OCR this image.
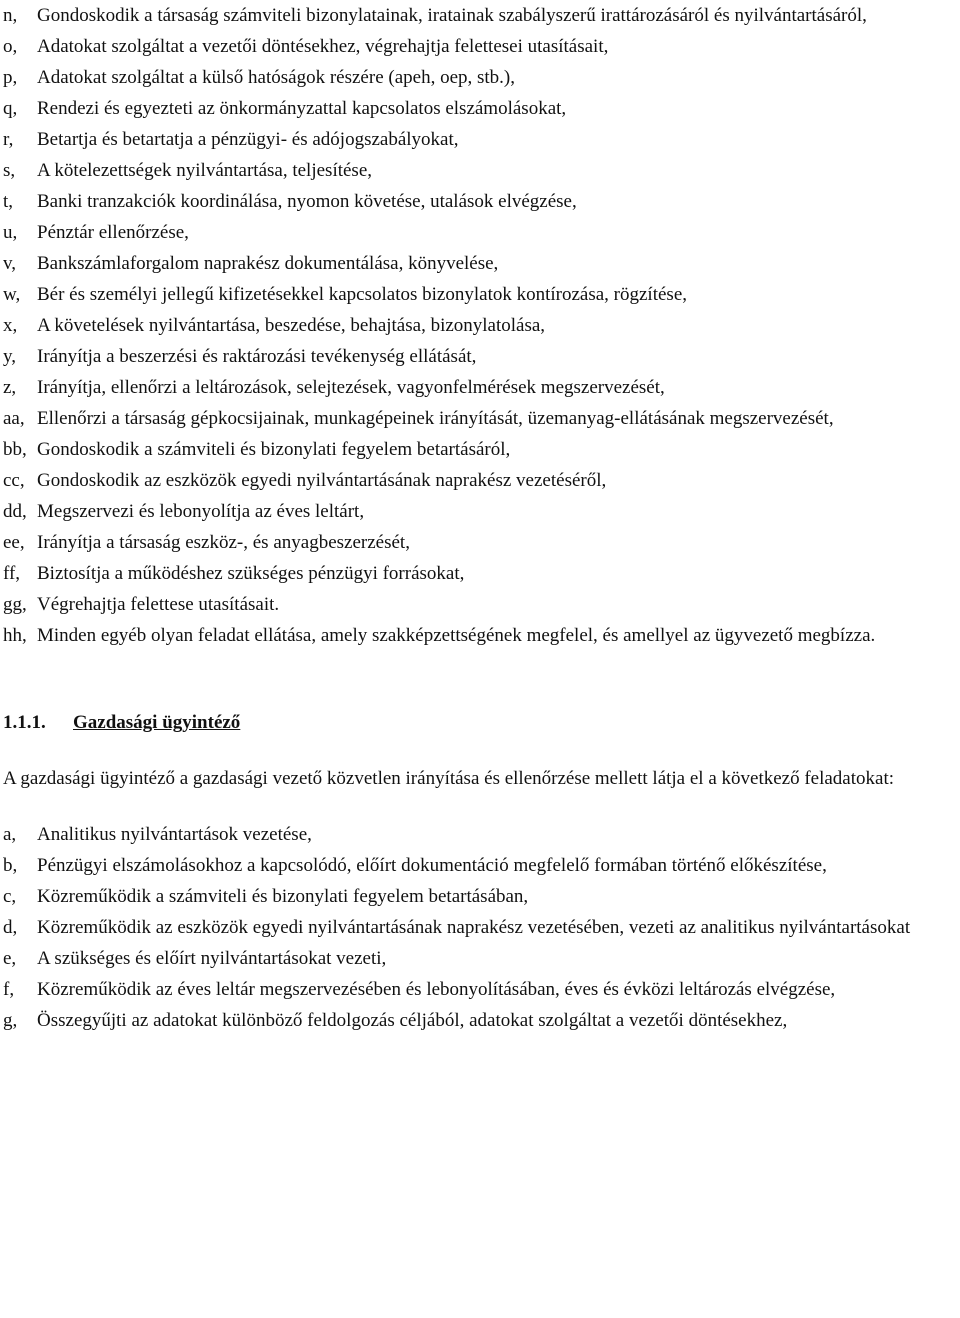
n,	Gondoskodik a társaság számviteli bizonylatainak, iratainak szabályszerű irattározásáról és nyilvántartásáról,
o,	Adatokat szolgáltat a vezetői döntésekhez, végrehajtja felettesei utasításait,
p,	Adatokat szolgáltat a külső hatóságok részére (apeh, oep, stb.),
q,	Rendezi és egyezteti az önkormányzattal kapcsolatos elszámolásokat,
r,	Betartja és betartatja a pénzügyi- és adójogszabályokat,
s,	A kötelezettségek nyilvántartása, teljesítése,
t,	Banki tranzakciók koordinálása, nyomon követése, utalások elvégzése,
u,	Pénztár ellenőrzése,
v,	Bankszámlaforgalom naprakész dokumentálása, könyvelése,
w, Bér és személyi jellegű kifizetésekkel kapcsolatos bizonylatok kontírozása, rögzítése,
x,	A követelések nyilvántartása, beszedése, behajtása, bizonylatolása,
y,	Irányítja a beszerzési és raktározási tevékenység ellátását,
z,	Irányítja, ellenőrzi a leltározások, selejtezések, vagyonfelmérések megszervezését,
aa, Ellenőrzi a társaság gépkocsijainak, munkagépeinek irányítását, üzemanyag-ellátásának megszervezését,
bb, Gondoskodik a számviteli és bizonylati fegyelem betartásáról,
cc, Gondoskodik az eszközök egyedi nyilvántartásának naprakész vezetéséről,
dd, Megszervezi és lebonyolítja az éves leltárt,
ee, Irányítja a társaság eszköz-, és anyagbeszerzését,
ff, Biztosítja a működéshez szükséges pénzügyi forrásokat,
gg, Végrehajtja felettese utasításait.
hh, Minden egyéb olyan feladat ellátása, amely szakképzettségének megfelel, és amellyel az ügyvezető megbízza.
1.1.1.	Gazdasági ügyintéző

A gazdasági ügyintéző a gazdasági vezető közvetlen irányítása és ellenőrzése mellett látja el a következő feladatokat:

a,	Analitikus nyilvántartások vezetése,
b,	Pénzügyi elszámolásokhoz a kapcsolódó, előírt dokumentáció megfelelő formában történő előkészítése,
c,	Közreműködik a számviteli és bizonylati fegyelem betartásában,
d,	Közreműködik az eszközök egyedi nyilvántartásának naprakész vezetésében, vezeti az analitikus nyilvántartásokat
e,	A szükséges és előírt nyilvántartásokat vezeti,
f,	Közreműködik az éves leltár megszervezésében és lebonyolításában, éves és évközi leltározás elvégzése,
g,	Összegyűjti az adatokat különböző feldolgozás céljából, adatokat szolgáltat a vezetői döntésekhez,
